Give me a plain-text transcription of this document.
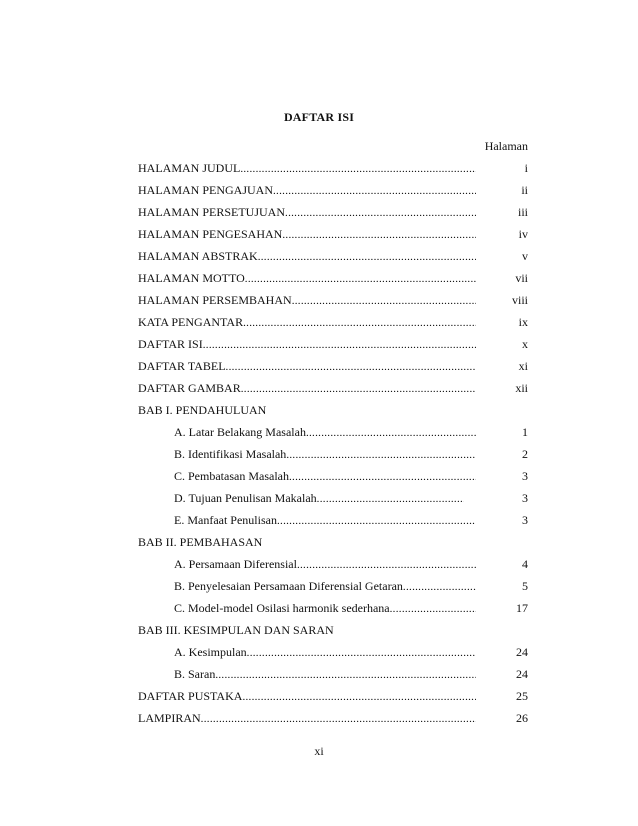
DAFTAR ISI
Halaman
HALAMAN JUDUL .....	i
HALAMAN PENGAJUAN .....	ii
HALAMAN PERSETUJUAN .....	iii
HALAMAN PENGESAHAN .....	iv
HALAMAN ABSTRAK .....	v
HALAMAN MOTTO .....	vii
HALAMAN PERSEMBAHAN .....	viii
KATA PENGANTAR .....	ix
DAFTAR ISI .....	x
DAFTAR TABEL .....	xi
DAFTAR GAMBAR .....	xii
BAB I. PENDAHULUAN
A. Latar Belakang Masalah .....	1
B. Identifikasi Masalah .....	2
C. Pembatasan Masalah .....	3
D. Tujuan Penulisan Makalah .....	3
E. Manfaat Penulisan .....	3
BAB II. PEMBAHASAN
A. Persamaan Diferensial .....	4
B. Penyelesaian Persamaan Diferensial Getaran .....	5
C. Model-model Osilasi harmonik sederhana .....	17
BAB III. KESIMPULAN DAN SARAN
A. Kesimpulan .....	24
B. Saran .....	24
DAFTAR PUSTAKA .....	25
LAMPIRAN .....	26
xi
